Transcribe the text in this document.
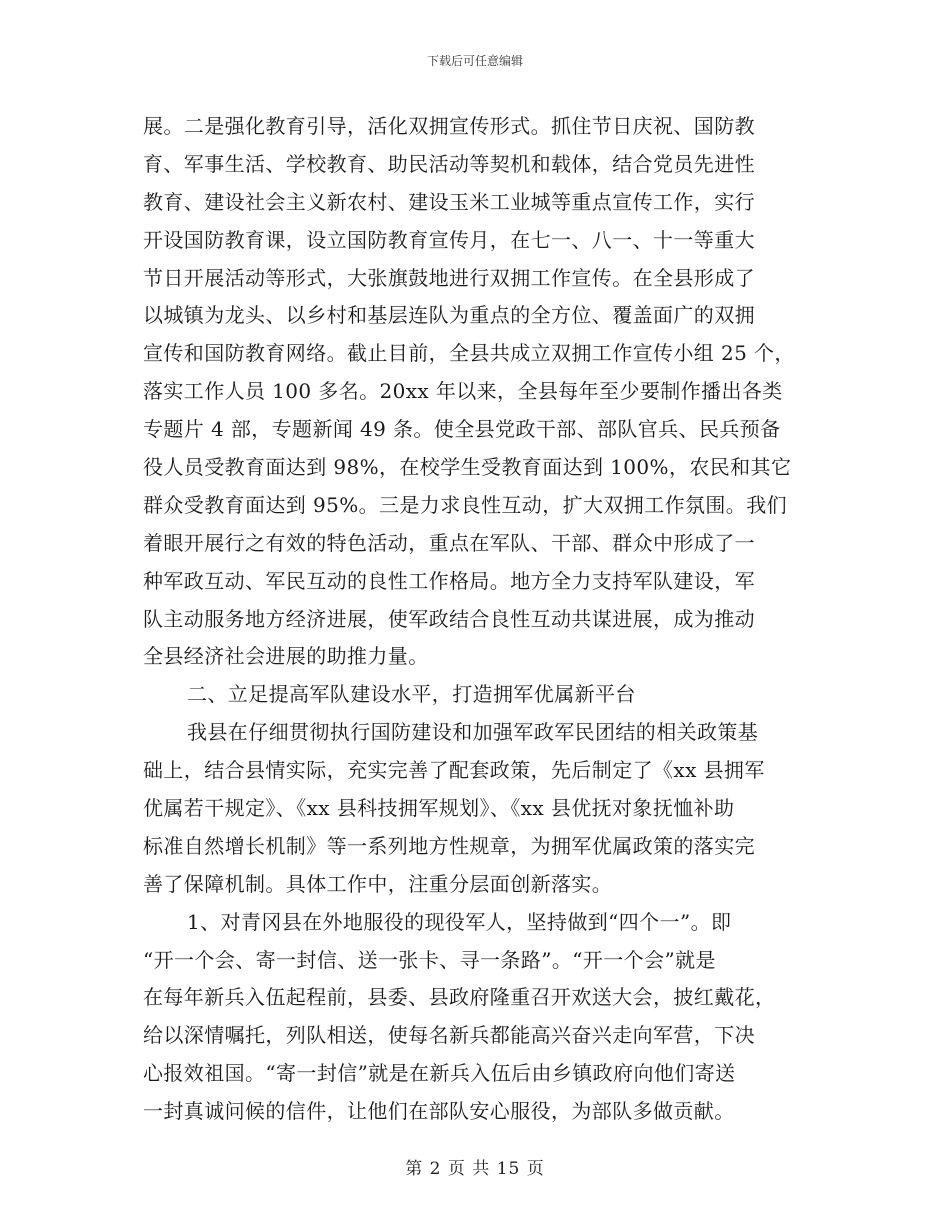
下载后可任意编辑
展。二是强化教育引导，活化双拥宣传形式。抓住节日庆祝、国防教
育、军事生活、学校教育、助民活动等契机和载体，结合党员先进性
教育、建设社会主义新农村、建设玉米工业城等重点宣传工作，实行
开设国防教育课，设立国防教育宣传月，在七一、八一、十一等重大
节日开展活动等形式，大张旗鼓地进行双拥工作宣传。在全县形成了
以城镇为龙头、以乡村和基层连队为重点的全方位、覆盖面广的双拥
宣传和国防教育网络。截止目前，全县共成立双拥工作宣传小组 25 个，
落实工作人员 100 多名。20xx 年以来，全县每年至少要制作播出各类
专题片 4 部，专题新闻 49 条。使全县党政干部、部队官兵、民兵预备
役人员受教育面达到 98%，在校学生受教育面达到 100%，农民和其它
群众受教育面达到 95%。三是力求良性互动，扩大双拥工作氛围。我们
着眼开展行之有效的特色活动，重点在军队、干部、群众中形成了一
种军政互动、军民互动的良性工作格局。地方全力支持军队建设，军
队主动服务地方经济进展，使军政结合良性互动共谋进展，成为推动
全县经济社会进展的助推力量。
二、立足提高军队建设水平，打造拥军优属新平台
我县在仔细贯彻执行国防建设和加强军政军民团结的相关政策基
础上，结合县情实际，充实完善了配套政策，先后制定了《xx 县拥军
优属若干规定》、《xx 县科技拥军规划》、《xx 县优抚对象抚恤补助
标准自然增长机制》等一系列地方性规章，为拥军优属政策的落实完
善了保障机制。具体工作中，注重分层面创新落实。
1、对青冈县在外地服役的现役军人，坚持做到“四个一”。即
“开一个会、寄一封信、送一张卡、寻一条路”。“开一个会”就是
在每年新兵入伍起程前，县委、县政府隆重召开欢送大会，披红戴花，
给以深情嘱托，列队相送，使每名新兵都能高兴奋兴走向军营，下决
心报效祖国。“寄一封信”就是在新兵入伍后由乡镇政府向他们寄送
一封真诚问候的信件，让他们在部队安心服役，为部队多做贡献。
第 2 页 共 15 页
